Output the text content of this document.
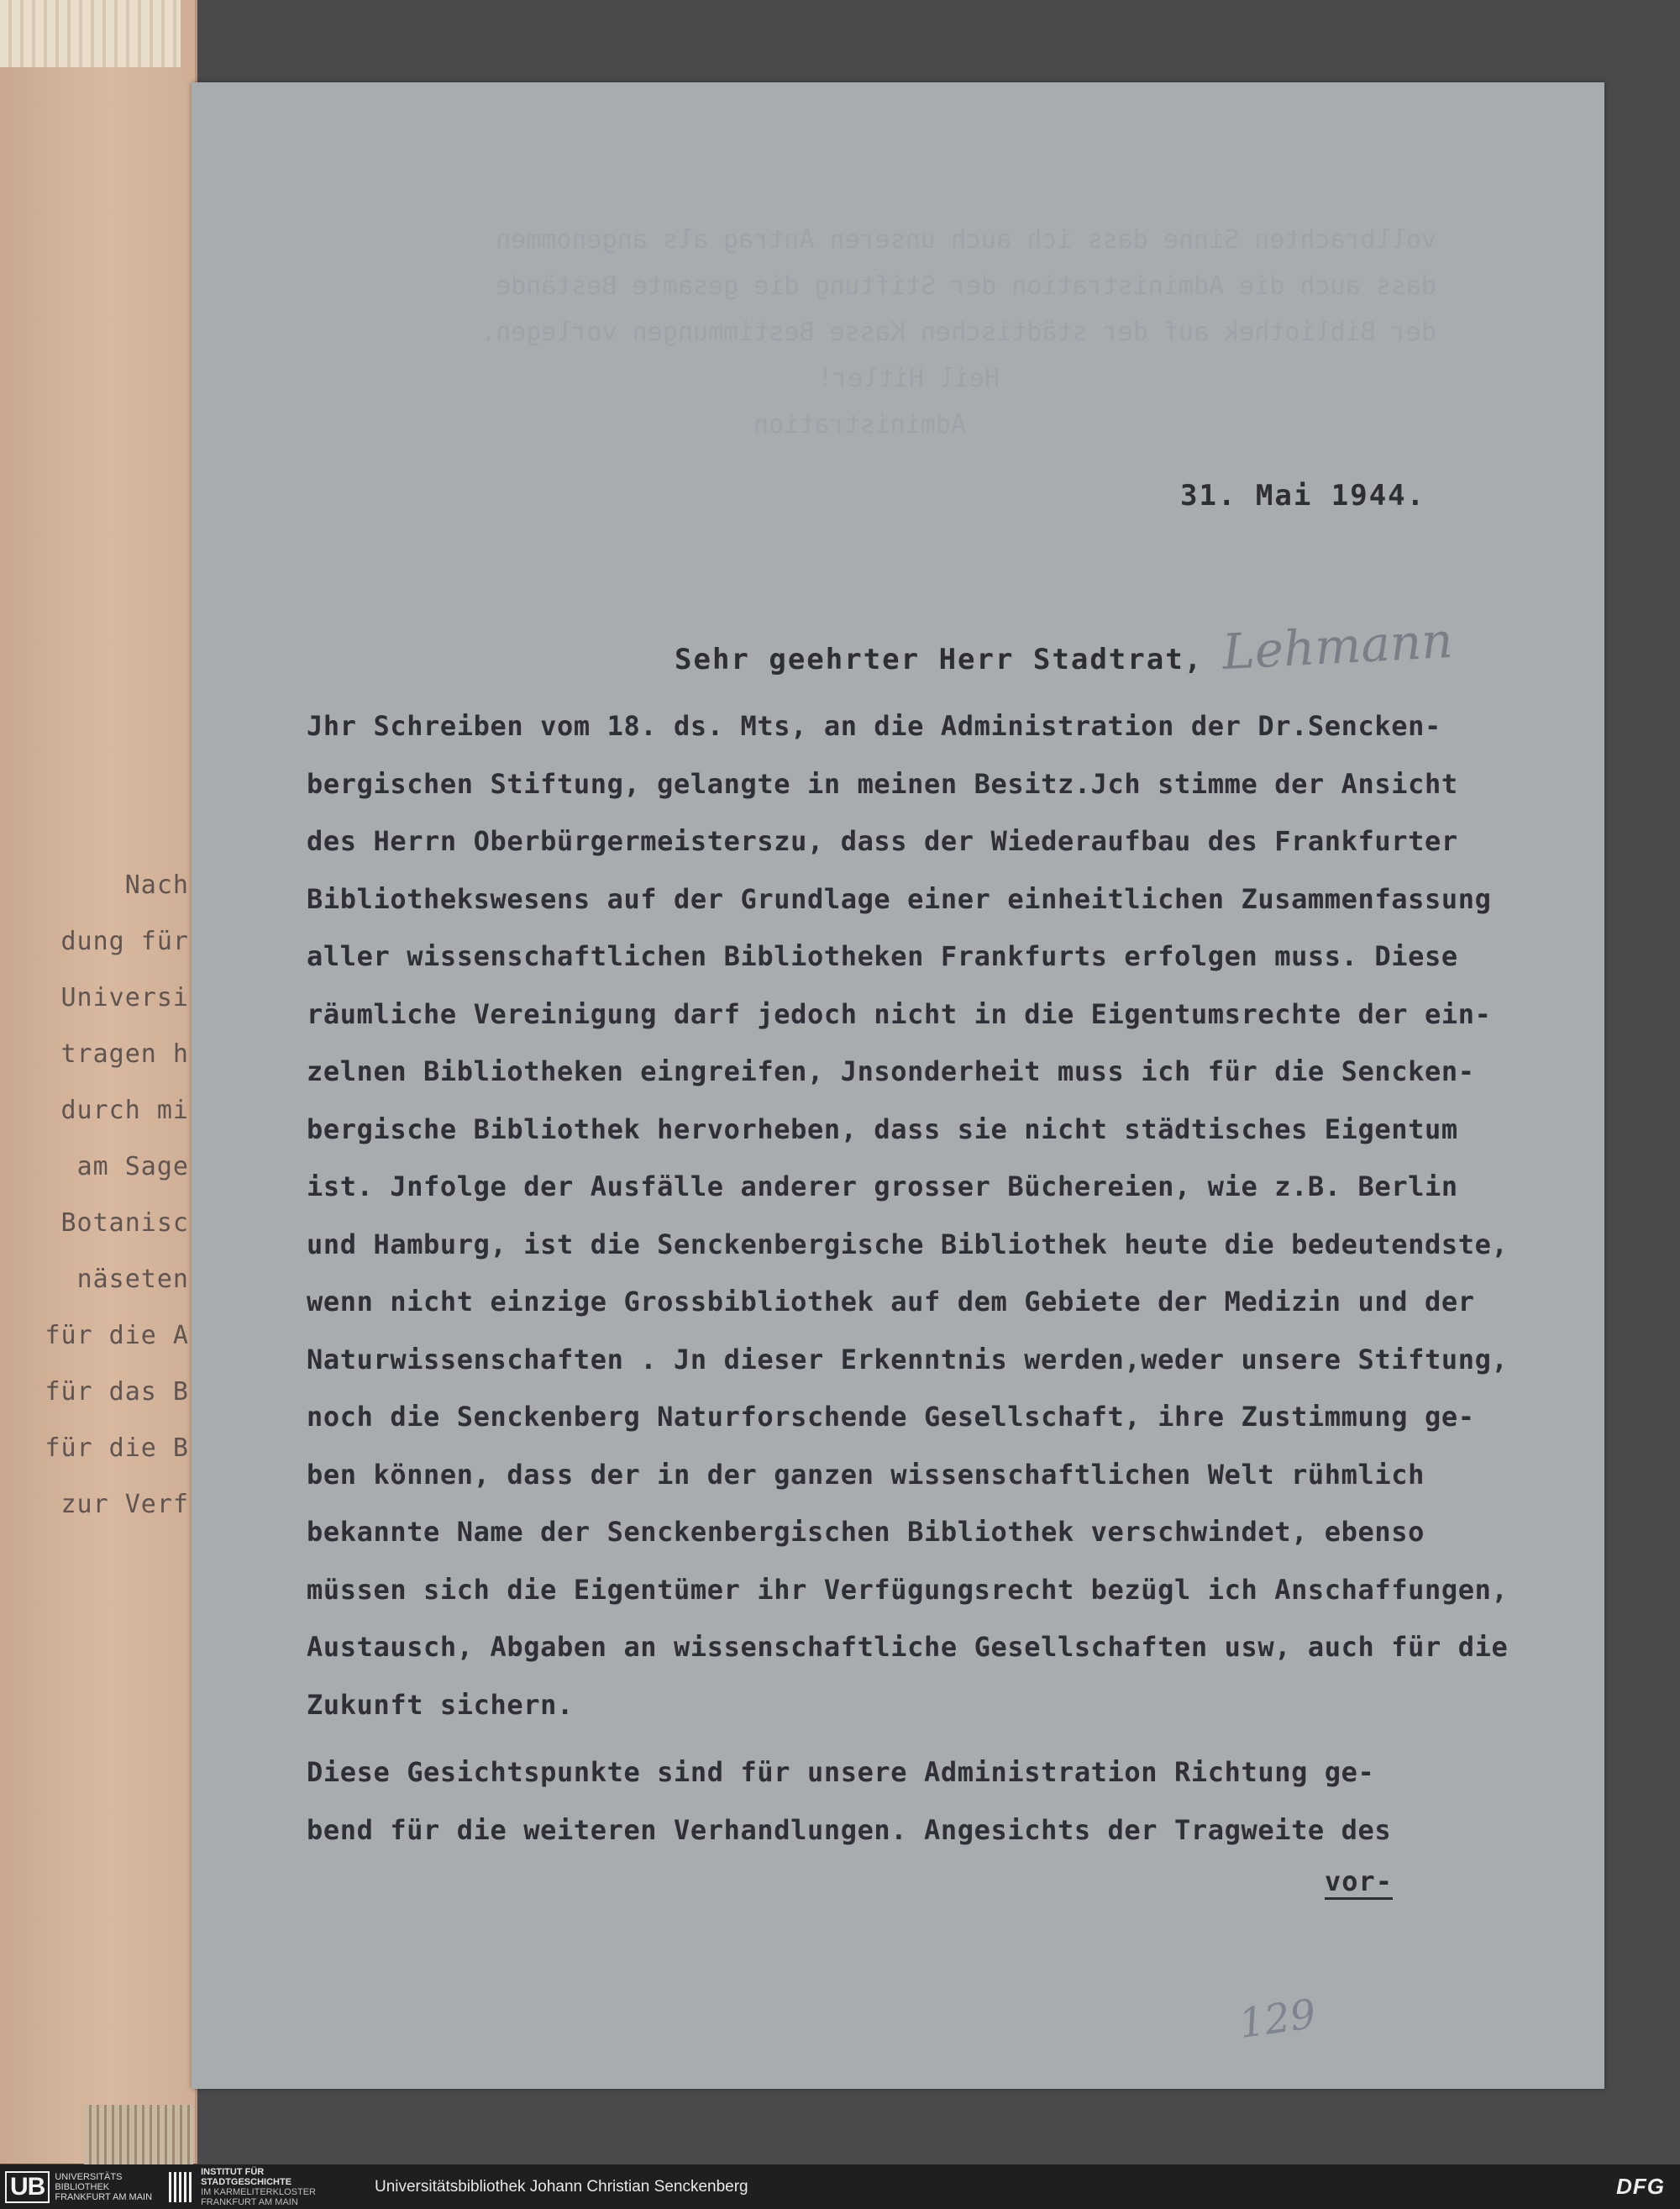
Nach
dung für
Universi
tragen h
durch mi
am Sage
Botanisc
näseten
für die A
für das B
für die B
zur Verf
vollbrachten Sinne dass ich auch unseren Antrag als angenommen
dass auch die Administration der Stiftung die gesamte Bestände
der Bibliothek auf der städtischen Kasse Bestimmungen vorlegen.
Heil Hitler!
Administration
31. Mai 1944.
Lehmann
Sehr geehrter Herr Stadtrat,
Jhr Schreiben vom 18. ds. Mts, an die Administration der Dr.Sencken-
bergischen Stiftung, gelangte in meinen Besitz.Jch stimme der Ansicht
des Herrn Oberbürgermeisterszu, dass der Wiederaufbau des Frankfurter
Bibliothekswesens auf der Grundlage einer einheitlichen Zusammenfassung
aller wissenschaftlichen Bibliotheken Frankfurts erfolgen muss. Diese
räumliche Vereinigung darf jedoch nicht in die Eigentumsrechte der ein-
zelnen Bibliotheken eingreifen, Jnsonderheit muss ich für die Sencken-
bergische Bibliothek hervorheben, dass sie nicht städtisches Eigentum
ist. Jnfolge der Ausfälle anderer grosser Büchereien, wie z.B. Berlin
und Hamburg, ist die Senckenbergische Bibliothek heute die bedeutendste,
wenn nicht einzige Grossbibliothek auf dem Gebiete der Medizin und der
Naturwissenschaften . Jn dieser Erkenntnis werden,weder unsere Stiftung,
noch die Senckenberg Naturforschende Gesellschaft, ihre Zustimmung ge-
ben können, dass der in der ganzen wissenschaftlichen Welt rühmlich
bekannte Name der Senckenbergischen Bibliothek verschwindet, ebenso
müssen sich die Eigentümer ihr Verfügungsrecht bezügl ich Anschaffungen,
Austausch, Abgaben an wissenschaftliche Gesellschaften usw, auch für die
Zukunft sichern.
Diese Gesichtspunkte sind für unsere Administration Richtung ge-
bend für die weiteren Verhandlungen. Angesichts der Tragweite des
vor-
129
UB	UNIVERSITÄTS
BIBLIOTHEK
FRANKFURT AM MAIN
INSTITUT FÜR
STADTGESCHICHTE
IM KARMELITERKLOSTER
FRANKFURT AM MAIN
Universitätsbibliothek Johann Christian Senckenberg	DFG
